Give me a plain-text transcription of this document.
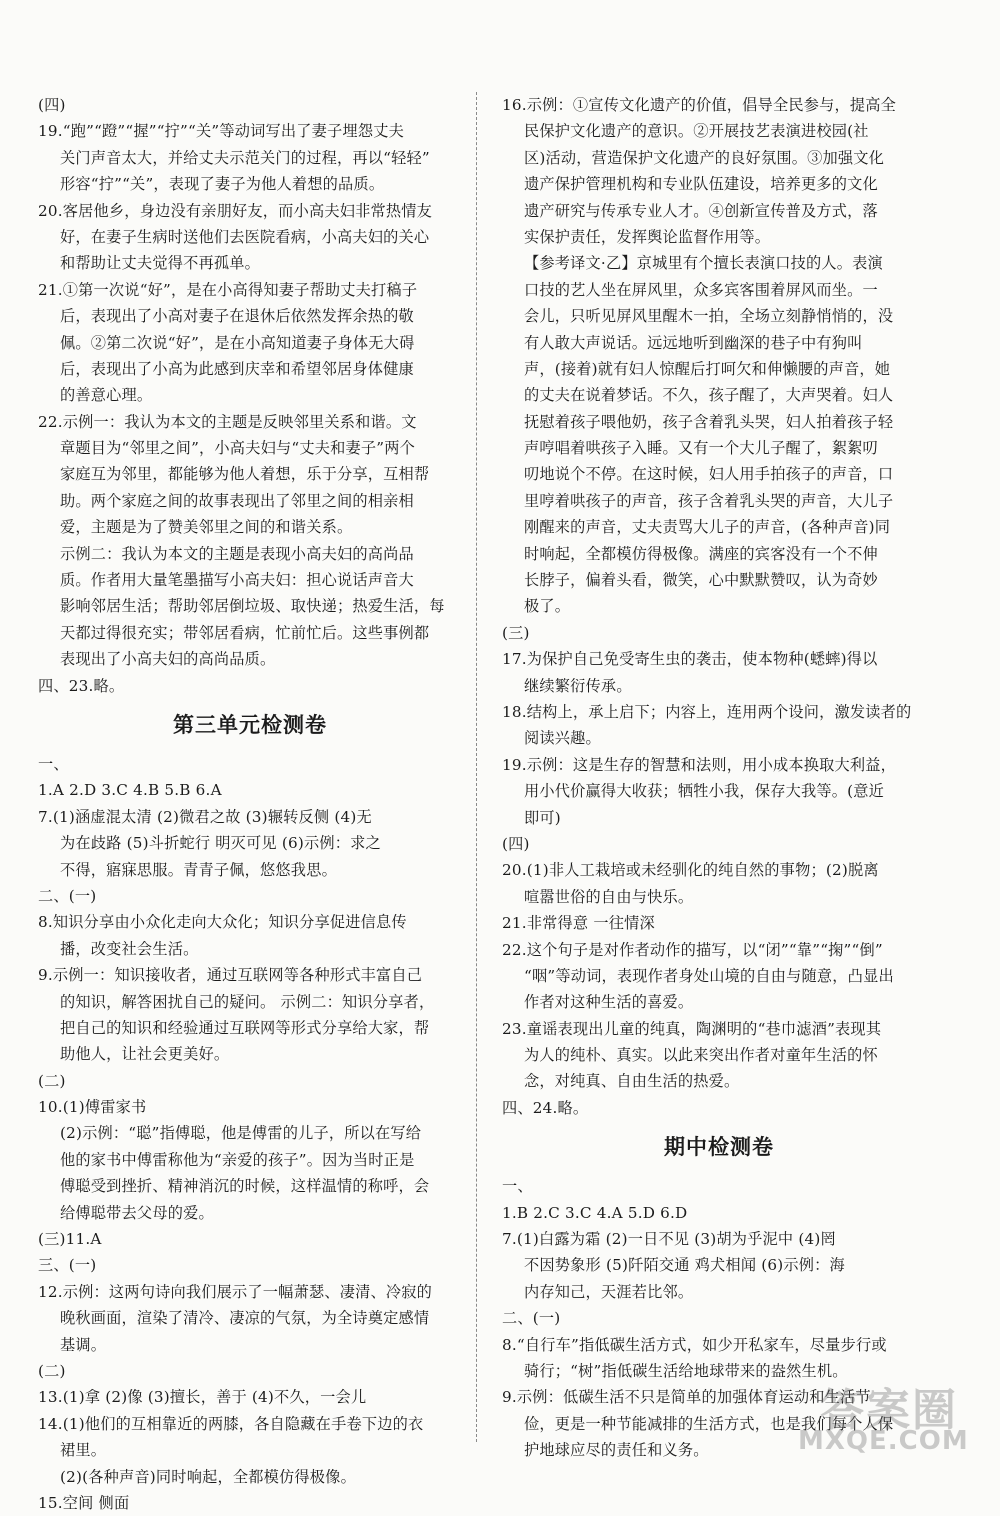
(四)
19.“跑”“蹬”“握”“拧”“关”等动词写出了妻子埋怨丈夫
关门声音太大，并给丈夫示范关门的过程，再以“轻轻”
形容“拧”“关”，表现了妻子为他人着想的品质。
20.客居他乡，身边没有亲朋好友，而小高夫妇非常热情友
好，在妻子生病时送他们去医院看病，小高夫妇的关心
和帮助让丈夫觉得不再孤单。
21.①第一次说“好”，是在小高得知妻子帮助丈夫打稿子
后，表现出了小高对妻子在退休后依然发挥余热的敬
佩。②第二次说“好”，是在小高知道妻子身体无大碍
后，表现出了小高为此感到庆幸和希望邻居身体健康
的善意心理。
22.示例一：我认为本文的主题是反映邻里关系和谐。文
章题目为“邻里之间”，小高夫妇与“丈夫和妻子”两个
家庭互为邻里，都能够为他人着想，乐于分享，互相帮
助。两个家庭之间的故事表现出了邻里之间的相亲相
爱，主题是为了赞美邻里之间的和谐关系。
示例二：我认为本文的主题是表现小高夫妇的高尚品
质。作者用大量笔墨描写小高夫妇：担心说话声音大
影响邻居生活；帮助邻居倒垃圾、取快递；热爱生活，每
天都过得很充实；带邻居看病，忙前忙后。这些事例都
表现出了小高夫妇的高尚品质。
四、23.略。
第三单元检测卷
一、
1.A 2.D 3.C 4.B 5.B 6.A
7.(1)涵虚混太清 (2)微君之故 (3)辗转反侧 (4)无
为在歧路 (5)斗折蛇行 明灭可见 (6)示例：求之
不得，寤寐思服。青青子佩，悠悠我思。
二、(一)
8.知识分享由小众化走向大众化；知识分享促进信息传
播，改变社会生活。
9.示例一：知识接收者，通过互联网等各种形式丰富自己
的知识，解答困扰自己的疑问。 示例二：知识分享者，
把自己的知识和经验通过互联网等形式分享给大家，帮
助他人，让社会更美好。
(二)
10.(1)傅雷家书
(2)示例：“聪”指傅聪，他是傅雷的儿子，所以在写给
他的家书中傅雷称他为“亲爱的孩子”。因为当时正是
傅聪受到挫折、精神消沉的时候，这样温情的称呼，会
给傅聪带去父母的爱。
(三)11.A
三、(一)
12.示例：这两句诗向我们展示了一幅萧瑟、凄清、冷寂的
晚秋画面，渲染了清冷、凄凉的气氛，为全诗奠定感情
基调。
(二)
13.(1)拿 (2)像 (3)擅长，善于 (4)不久，一会儿
14.(1)他们的互相靠近的两膝，各自隐藏在手卷下边的衣
裙里。
(2)(各种声音)同时响起，全都模仿得极像。
15.空间 侧面
16.示例：①宣传文化遗产的价值，倡导全民参与，提高全
民保护文化遗产的意识。②开展技艺表演进校园(社
区)活动，营造保护文化遗产的良好氛围。③加强文化
遗产保护管理机构和专业队伍建设，培养更多的文化
遗产研究与传承专业人才。④创新宣传普及方式，落
实保护责任，发挥舆论监督作用等。
【参考译文·乙】京城里有个擅长表演口技的人。表演
口技的艺人坐在屏风里，众多宾客围着屏风而坐。一
会儿，只听见屏风里醒木一拍，全场立刻静悄悄的，没
有人敢大声说话。远远地听到幽深的巷子中有狗叫
声，(接着)就有妇人惊醒后打呵欠和伸懒腰的声音，她
的丈夫在说着梦话。不久，孩子醒了，大声哭着。妇人
抚慰着孩子喂他奶，孩子含着乳头哭，妇人拍着孩子轻
声哼唱着哄孩子入睡。又有一个大儿子醒了，絮絮叨
叨地说个不停。在这时候，妇人用手拍孩子的声音，口
里哼着哄孩子的声音，孩子含着乳头哭的声音，大儿子
刚醒来的声音，丈夫责骂大儿子的声音，(各种声音)同
时响起，全都模仿得极像。满座的宾客没有一个不伸
长脖子，偏着头看，微笑，心中默默赞叹，认为奇妙
极了。
(三)
17.为保护自己免受寄生虫的袭击，使本物种(蟋蟀)得以
继续繁衍传承。
18.结构上，承上启下；内容上，连用两个设问，激发读者的
阅读兴趣。
19.示例：这是生存的智慧和法则，用小成本换取大利益，
用小代价赢得大收获；牺牲小我，保存大我等。(意近
即可)
(四)
20.(1)非人工栽培或未经驯化的纯自然的事物；(2)脱离
喧嚣世俗的自由与快乐。
21.非常得意 一往情深
22.这个句子是对作者动作的描写，以“闭”“靠”“掬”“倒”
“咽”等动词，表现作者身处山境的自由与随意，凸显出
作者对这种生活的喜爱。
23.童谣表现出儿童的纯真，陶渊明的“巷巾滤酒”表现其
为人的纯朴、真实。以此来突出作者对童年生活的怀
念，对纯真、自由生活的热爱。
四、24.略。
期中检测卷
一、
1.B 2.C 3.C 4.A 5.D 6.D
7.(1)白露为霜 (2)一日不见 (3)胡为乎泥中 (4)罔
不因势象形 (5)阡陌交通 鸡犬相闻 (6)示例：海
内存知己，天涯若比邻。
二、(一)
8.“自行车”指低碳生活方式，如少开私家车，尽量步行或
骑行；“树”指低碳生活给地球带来的盎然生机。
9.示例：低碳生活不只是简单的加强体育运动和生活节
俭，更是一种节能减排的生活方式，也是我们每个人保
护地球应尽的责任和义务。
答案圈
MXQE.COM
